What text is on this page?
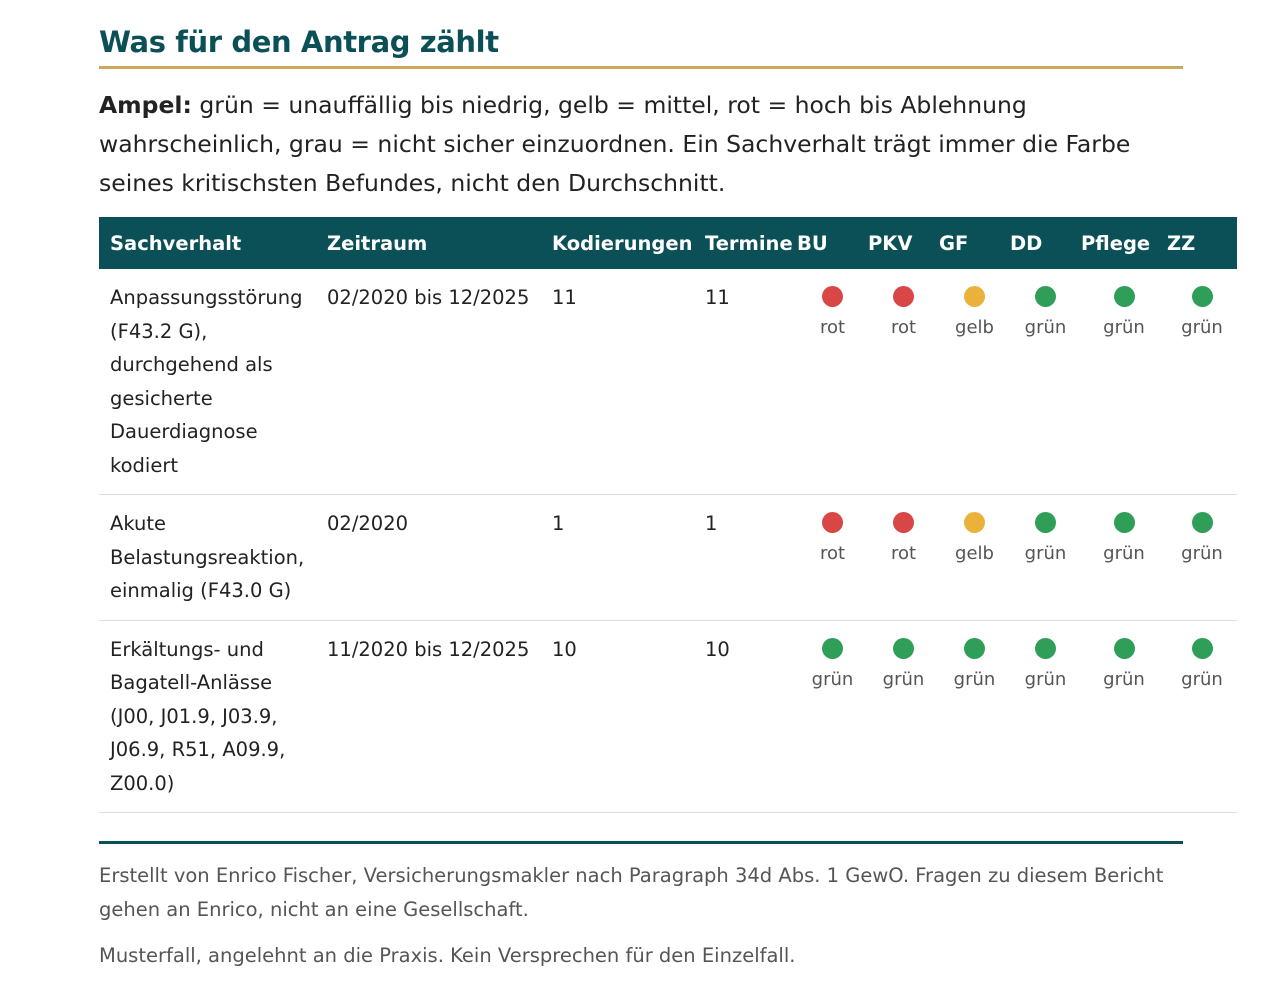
Was für den Antrag zählt

Ampel: grün = unauffällig bis niedrig, gelb = mittel, rot = hoch bis Ablehnung wahrscheinlich, grau = nicht sicher einzuordnen. Ein Sachverhalt trägt immer die Farbe seines kritischsten Befundes, nicht den Durchschnitt.

Sachverhalt	Zeitraum	Kodierungen	Termine	BU	PKV	GF	DD	Pflege	ZZ
Anpassungsstörung (F43.2 G), durchgehend als gesicherte Dauerdiagnose kodiert	02/2020 bis 12/2025	11	11	rot	rot	gelb	grün	grün	grün

Akute Belastungsreaktion, einmalig (F43.0 G)	02/2020	1	1	rot	rot	gelb	grün	grün	grün

Erkältungs- und Bagatell-Anlässe (J00, J01.9, J03.9, J06.9, R51, A09.9, Z00.0)	11/2020 bis 12/2025	10	10	grün	grün	grün	grün	grün	grün

Erstellt von Enrico Fischer, Versicherungsmakler nach Paragraph 34d Abs. 1 GewO. Fragen zu diesem Bericht gehen an Enrico, nicht an eine Gesellschaft.

Musterfall, angelehnt an die Praxis. Kein Versprechen für den Einzelfall.
